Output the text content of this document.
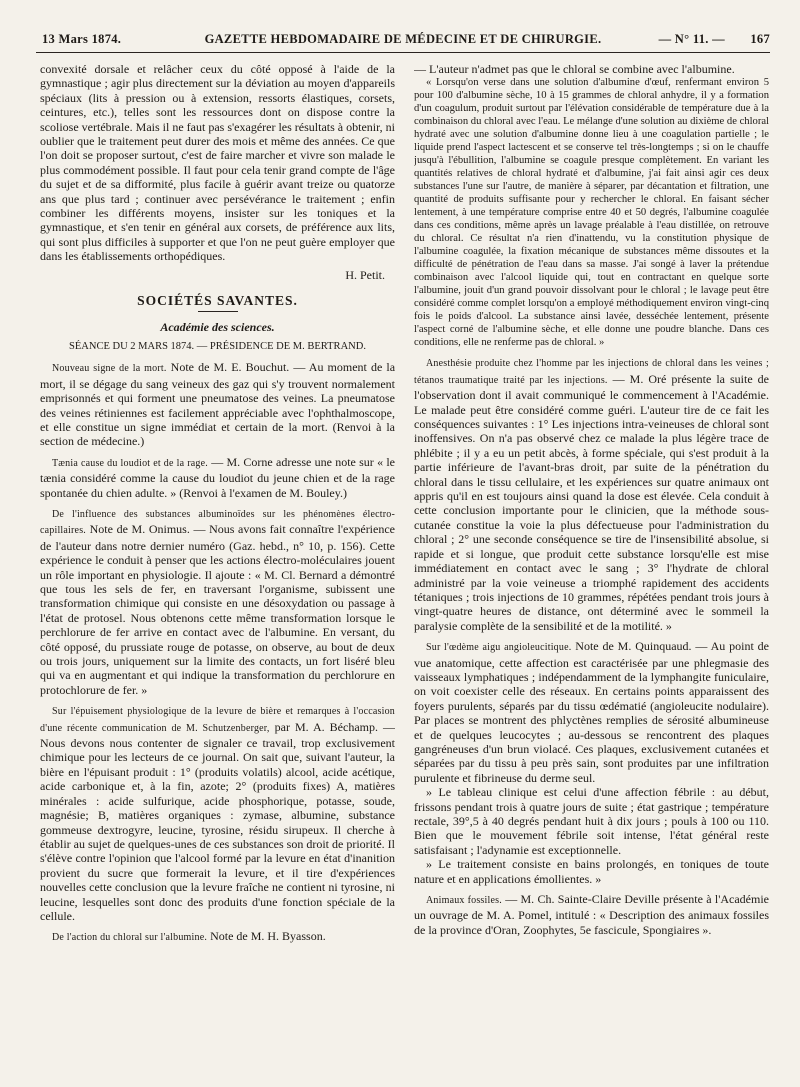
13 Mars 1874.	GAZETTE HEBDOMADAIRE DE MÉDECINE ET DE CHIRURGIE.	— N° 11. — 167

convexité dorsale et relâcher ceux du côté opposé à l'aide de la gymnastique ; agir plus directement sur la déviation au moyen d'appareils spéciaux (lits à pression ou à extension, ressorts élastiques, corsets, ceintures, etc.), telles sont les ressources dont on dispose contre la scoliose vertébrale. Mais il ne faut pas s'exagérer les résultats à obtenir, ni oublier que le traitement peut durer des mois et même des années. Ce que l'on doit se proposer surtout, c'est de faire marcher et vivre son malade le plus commodément possible. Il faut pour cela tenir grand compte de l'âge du sujet et de sa difformité, plus facile à guérir avant treize ou quatorze ans que plus tard ; continuer avec persévérance le traitement ; enfin combiner les différents moyens, insister sur les toniques et la gymnastique, et s'en tenir en général aux corsets, de préférence aux lits, qui sont plus difficiles à supporter et que l'on ne peut guère employer que dans les établissements orthopédiques.

H. Petit.

SOCIÉTÉS SAVANTES.

Académie des sciences.

SÉANCE DU 2 MARS 1874. — PRÉSIDENCE DE M. BERTRAND.

Nouveau signe de la mort. Note de M. E. Bouchut. — Au moment de la mort, il se dégage du sang veineux des gaz qui s'y trouvent normalement emprisonnés et qui forment une pneumatose des veines. La pneumatose des veines rétiniennes est facilement appréciable avec l'ophthalmoscope, et elle constitue un signe immédiat et certain de la mort. (Renvoi à la section de médecine.)

Tænia cause du loudiot et de la rage. — M. Corne adresse une note sur « le tænia considéré comme la cause du loudiot du jeune chien et de la rage spontanée du chien adulte. » (Renvoi à l'examen de M. Bouley.)

De l'influence des substances albuminoïdes sur les phénomènes électro-capillaires. Note de M. Onimus. — Nous avons fait connaître l'expérience de l'auteur dans notre dernier numéro (Gaz. hebd., n° 10, p. 156). Cette expérience le conduit à penser que les actions électro-moléculaires jouent un rôle important en physiologie. Il ajoute : « M. Cl. Bernard a démontré que tous les sels de fer, en traversant l'organisme, subissent une transformation chimique qui consiste en une désoxydation ou passage à l'état de protosel. Nous obtenons cette même transformation lorsque le perchlorure de fer arrive en contact avec de l'albumine. En versant, du côté opposé, du prussiate rouge de potasse, on observe, au bout de deux ou trois jours, uniquement sur la limite des contacts, un fort liséré bleu qui va en augmentant et qui indique la transformation du perchlorure en protochlorure de fer. »

Sur l'épuisement physiologique de la levure de bière et remarques à l'occasion d'une récente communication de M. Schutzenberger, par M. A. Béchamp. — Nous devons nous contenter de signaler ce travail, trop exclusivement chimique pour les lecteurs de ce journal. On sait que, suivant l'auteur, la bière en l'épuisant produit : 1° (produits volatils) alcool, acide acétique, acide carbonique et, à la fin, azote; 2° (produits fixes) A, matières minérales : acide sulfurique, acide phosphorique, potasse, soude, magnésie; B, matières organiques : zymase, albumine, substance gommeuse dextrogyre, leucine, tyrosine, résidu sirupeux. Il cherche à établir au sujet de quelques-unes de ces substances son droit de priorité. Il s'élève contre l'opinion que l'alcool formé par la levure en état d'inanition provient du sucre que formerait la levure, et il tire d'expériences nouvelles cette conclusion que la levure fraîche ne contient ni tyrosine, ni leucine, lesquelles sont donc des produits d'une fonction spéciale de la cellule.

De l'action du chloral sur l'albumine. Note de M. H. Byasson.

— L'auteur n'admet pas que le chloral se combine avec l'albumine.

« Lorsqu'on verse dans une solution d'albumine d'œuf, renfermant environ 5 pour 100 d'albumine sèche, 10 à 15 grammes de chloral anhydre, il y a formation d'un coagulum, produit surtout par l'élévation considérable de température due à la combinaison du chloral avec l'eau. Le mélange d'une solution au dixième de chloral hydraté avec une solution d'albumine donne lieu à une coagulation partielle ; le liquide prend l'aspect lactescent et se conserve tel très-longtemps ; si on le chauffe jusqu'à l'ébullition, l'albumine se coagule presque complètement. En variant les quantités relatives de chloral hydraté et d'albumine, j'ai fait ainsi agir ces deux substances l'une sur l'autre, de manière à séparer, par décantation et filtration, une quantité de produits suffisante pour y rechercher le chloral. En faisant sécher lentement, à une température comprise entre 40 et 50 degrés, l'albumine coagulée dans ces conditions, même après un lavage préalable à l'eau distillée, on retrouve du chloral. Ce résultat n'a rien d'inattendu, vu la constitution physique de l'albumine coagulée, la fixation mécanique de substances même dissoutes et la difficulté de pénétration de l'eau dans sa masse. J'ai songé à laver la prétendue combinaison avec l'alcool liquide qui, tout en contractant en quelque sorte l'albumine, jouit d'un grand pouvoir dissolvant pour le chloral ; le lavage peut être considéré comme complet lorsqu'on a employé méthodiquement environ vingt-cinq fois le poids d'alcool. La substance ainsi lavée, desséchée lentement, présente l'aspect corné de l'albumine sèche, et elle donne une poudre blanche. Dans ces conditions, elle ne renferme pas de chloral. »

Anesthésie produite chez l'homme par les injections de chloral dans les veines ; tétanos traumatique traité par les injections. — M. Oré présente la suite de l'observation dont il avait communiqué le commencement à l'Académie. Le malade peut être considéré comme guéri. L'auteur tire de ce fait les conséquences suivantes : 1° Les injections intra-veineuses de chloral sont inoffensives. On n'a pas observé chez ce malade la plus légère trace de phlébite ; il y a eu un petit abcès, à forme spéciale, qui s'est produit à la partie inférieure de l'avant-bras droit, par suite de la pénétration du chloral dans le tissu cellulaire, et les expériences sur quatre animaux ont appris qu'il en est toujours ainsi quand la dose est élevée. Cela conduit à cette conclusion importante pour le clinicien, que la méthode sous-cutanée constitue la voie la plus défectueuse pour l'administration du chloral ; 2° une seconde conséquence se tire de l'insensibilité absolue, si rapide et si longue, que produit cette substance lorsqu'elle est mise immédiatement en contact avec le sang ; 3° l'hydrate de chloral administré par la voie veineuse a triomphé rapidement des accidents tétaniques ; trois injections de 10 grammes, répétées pendant trois jours à vingt-quatre heures de distance, ont déterminé avec le sommeil la paralysie complète de la sensibilité et de la motilité. »

Sur l'œdème aigu angioleucitique. Note de M. Quinquaud. — Au point de vue anatomique, cette affection est caractérisée par une phlegmasie des vaisseaux lymphatiques ; indépendamment de la lymphangite funiculaire, on voit coexister celle des réseaux. En certains points apparaissent des foyers purulents, séparés par du tissu œdématié (angioleucite nodulaire). Par places se montrent des phlyctènes remplies de sérosité albumineuse et de quelques leucocytes ; au-dessous se rencontrent des plaques gangréneuses d'un brun violacé. Ces plaques, exclusivement cutanées et séparées par du tissu à peu près sain, sont produites par une infiltration purulente et fibrineuse du derme seul.

» Le tableau clinique est celui d'une affection fébrile : au début, frissons pendant trois à quatre jours de suite ; état gastrique ; température rectale, 39°,5 à 40 degrés pendant huit à dix jours ; pouls à 100 ou 110. Bien que le mouvement fébrile soit intense, l'état général reste satisfaisant ; l'adynamie est exceptionnelle.

» Le traitement consiste en bains prolongés, en toniques de toute nature et en applications émollientes. »

Animaux fossiles. — M. Ch. Sainte-Claire Deville présente à l'Académie un ouvrage de M. A. Pomel, intitulé : « Description des animaux fossiles de la province d'Oran, Zoophytes, 5e fascicule, Spongiaires ».
